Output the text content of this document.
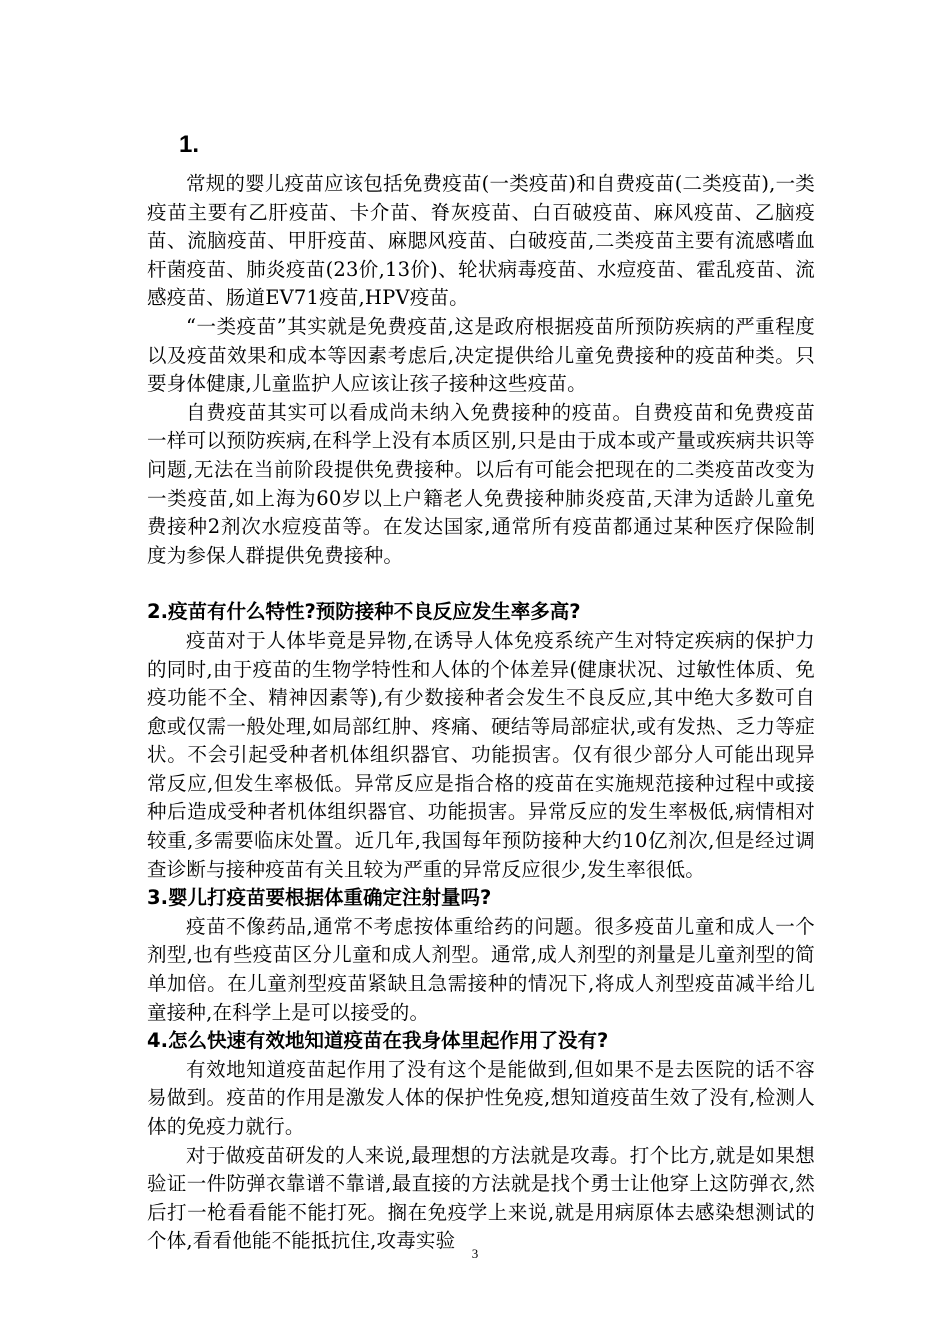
1.

常规的婴儿疫苗应该包括免费疫苗(一类疫苗)和自费疫苗(二类疫苗),一类疫苗主要有乙肝疫苗、卡介苗、脊灰疫苗、白百破疫苗、麻风疫苗、乙脑疫苗、流脑疫苗、甲肝疫苗、麻腮风疫苗、白破疫苗,二类疫苗主要有流感嗜血杆菌疫苗、肺炎疫苗(23价,13价)、轮状病毒疫苗、水痘疫苗、霍乱疫苗、流感疫苗、肠道EV71疫苗,HPV疫苗。

“一类疫苗”其实就是免费疫苗,这是政府根据疫苗所预防疾病的严重程度以及疫苗效果和成本等因素考虑后,决定提供给儿童免费接种的疫苗种类。只要身体健康,儿童监护人应该让孩子接种这些疫苗。

自费疫苗其实可以看成尚未纳入免费接种的疫苗。自费疫苗和免费疫苗一样可以预防疾病,在科学上没有本质区别,只是由于成本或产量或疾病共识等问题,无法在当前阶段提供免费接种。以后有可能会把现在的二类疫苗改变为一类疫苗,如上海为60岁以上户籍老人免费接种肺炎疫苗,天津为适龄儿童免费接种2剂次水痘疫苗等。在发达国家,通常所有疫苗都通过某种医疗保险制度为参保人群提供免费接种。

2.疫苗有什么特性?预防接种不良反应发生率多高?

疫苗对于人体毕竟是异物,在诱导人体免疫系统产生对特定疾病的保护力的同时,由于疫苗的生物学特性和人体的个体差异(健康状况、过敏性体质、免疫功能不全、精神因素等),有少数接种者会发生不良反应,其中绝大多数可自愈或仅需一般处理,如局部红肿、疼痛、硬结等局部症状,或有发热、乏力等症状。不会引起受种者机体组织器官、功能损害。仅有很少部分人可能出现异常反应,但发生率极低。异常反应是指合格的疫苗在实施规范接种过程中或接种后造成受种者机体组织器官、功能损害。异常反应的发生率极低,病情相对较重,多需要临床处置。近几年,我国每年预防接种大约10亿剂次,但是经过调查诊断与接种疫苗有关且较为严重的异常反应很少,发生率很低。

3.婴儿打疫苗要根据体重确定注射量吗?

疫苗不像药品,通常不考虑按体重给药的问题。很多疫苗儿童和成人一个剂型,也有些疫苗区分儿童和成人剂型。通常,成人剂型的剂量是儿童剂型的简单加倍。在儿童剂型疫苗紧缺且急需接种的情况下,将成人剂型疫苗减半给儿童接种,在科学上是可以接受的。

4.怎么快速有效地知道疫苗在我身体里起作用了没有?

有效地知道疫苗起作用了没有这个是能做到,但如果不是去医院的话不容易做到。疫苗的作用是激发人体的保护性免疫,想知道疫苗生效了没有,检测人体的免疫力就行。

对于做疫苗研发的人来说,最理想的方法就是攻毒。打个比方,就是如果想验证一件防弹衣靠谱不靠谱,最直接的方法就是找个勇士让他穿上这防弹衣,然后打一枪看看能不能打死。搁在免疫学上来说,就是用病原体去感染想测试的个体,看看他能不能抵抗住,攻毒实验

3
